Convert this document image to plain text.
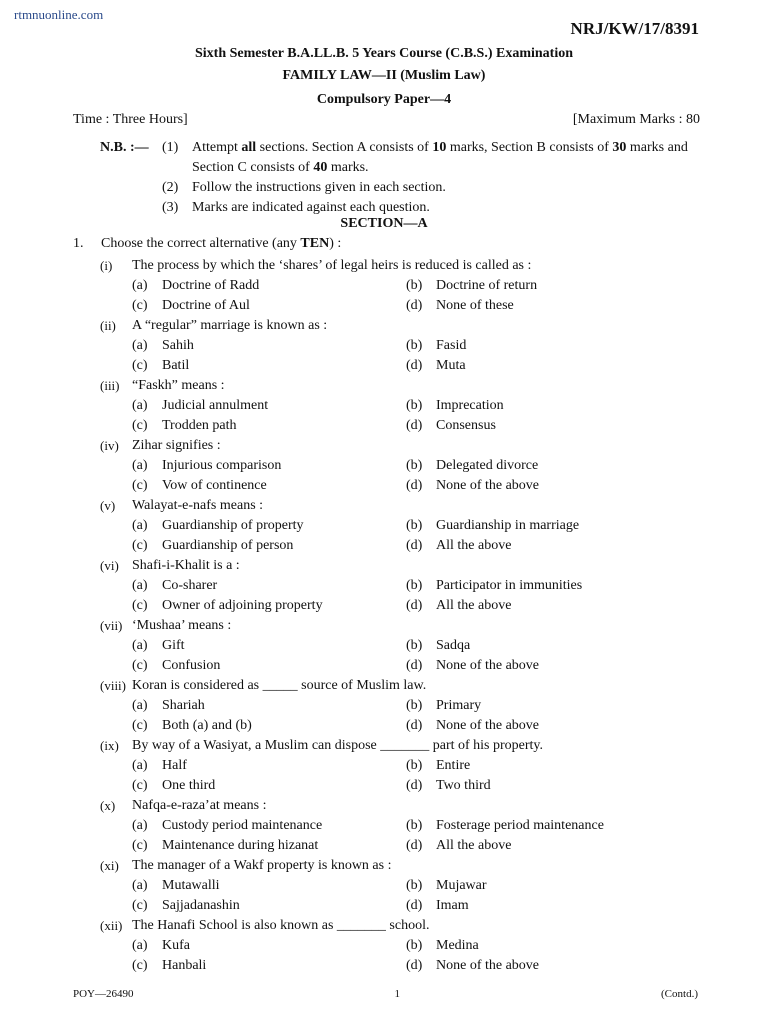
rtmnuonline.com
NRJ/KW/17/8391
Sixth Semester B.A.LL.B. 5 Years Course (C.B.S.) Examination
FAMILY LAW—II (Muslim Law)
Compulsory Paper—4
Time : Three Hours]	[Maximum Marks : 80
N.B. :— (1) Attempt all sections. Section A consists of 10 marks, Section B consists of 30 marks and Section C consists of 40 marks.
(2) Follow the instructions given in each section.
(3) Marks are indicated against each question.
SECTION—A
1. Choose the correct alternative (any TEN) :
(i)	The process by which the ‘shares’ of legal heirs is reduced is called as :
(a)	Doctrine of Radd	(b) Doctrine of return
(c)	Doctrine of Aul	(d) None of these
(ii)	A “regular” marriage is known as :
(a)	Sahih	(b) Fasid
(c)	Batil	(d) Muta
(iii) “Faskh” means :
(a)	Judicial annulment	(b) Imprecation
(c)	Trodden path	(d) Consensus
(iv) Zihar signifies :
(a)	Injurious comparison	(b) Delegated divorce
(c)	Vow of continence	(d) None of the above
(v)	Walayat-e-nafs means :
(a)	Guardianship of property	(b) Guardianship in marriage
(c)	Guardianship of person	(d) All the above
(vi) Shafi-i-Khalit is a :
(a)	Co-sharer	(b) Participator in immunities
(c)	Owner of adjoining property	(d) All the above
(vii) ‘Mushaa’ means :
(a)	Gift	(b) Sadqa
(c)	Confusion	(d) None of the above
(viii) Koran is considered as _____ source of Muslim law.
(a)	Shariah	(b) Primary
(c)	Both (a) and (b)	(d) None of the above
(ix) By way of a Wasiyat, a Muslim can dispose _______ part of his property.
(a)	Half	(b) Entire
(c)	One third	(d) Two third
(x)	Nafqa-e-raza’at means :
(a)	Custody period maintenance	(b) Fosterage period maintenance
(c)	Maintenance during hizanat	(d) All the above
(xi) The manager of a Wakf property is known as :
(a)	Mutawalli	(b) Mujawar
(c)	Sajjadanashin	(d) Imam
(xii) The Hanafi School is also known as _______ school.
(a)	Kufa	(b) Medina
(c)	Hanbali	(d) None of the above
POY—26490	1	(Contd.)
